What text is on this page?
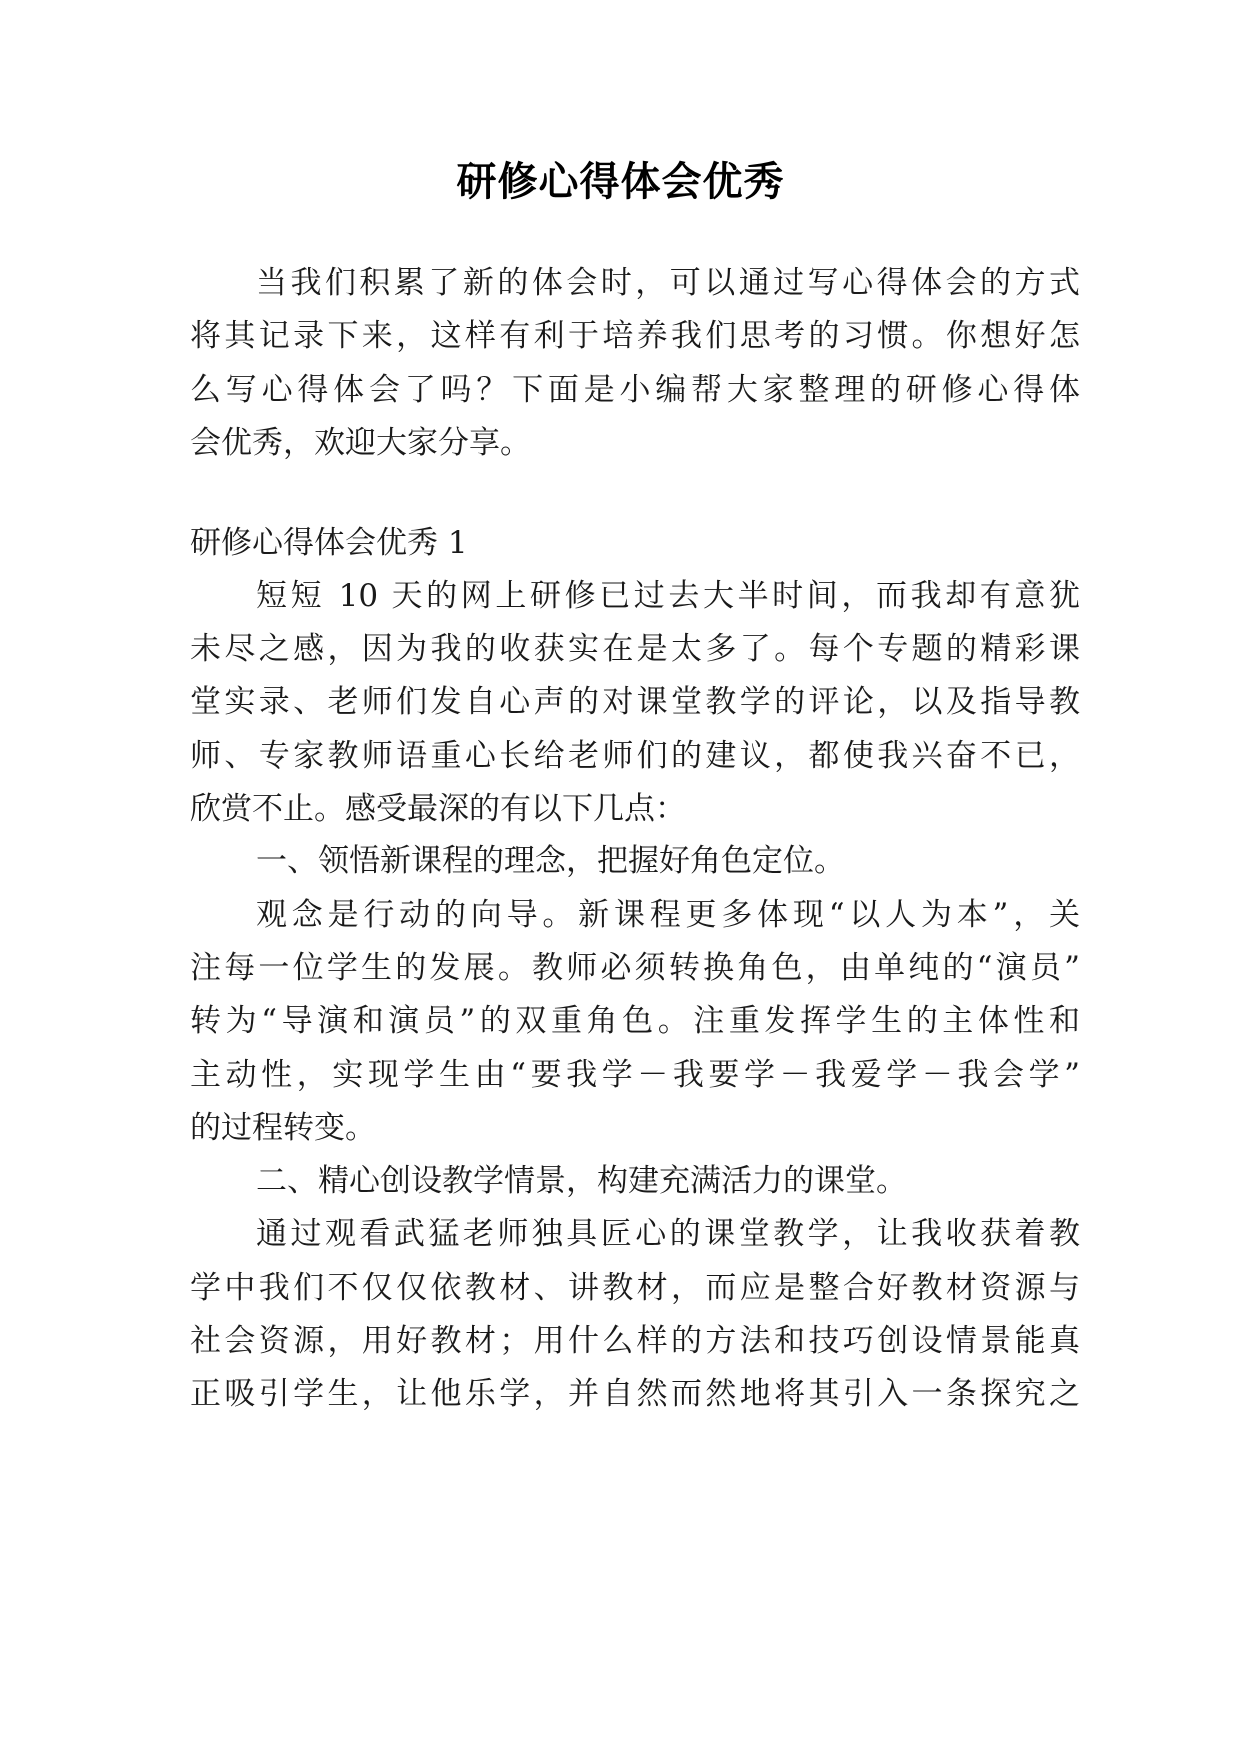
研修心得体会优秀
当我们积累了新的体会时，可以通过写心得体会的方式
将其记录下来，这样有利于培养我们思考的习惯。你想好怎
么写心得体会了吗？下面是小编帮大家整理的研修心得体
会优秀，欢迎大家分享。
研修心得体会优秀 1
短短 10 天的网上研修已过去大半时间，而我却有意犹
未尽之感，因为我的收获实在是太多了。每个专题的精彩课
堂实录、老师们发自心声的对课堂教学的评论，以及指导教
师、专家教师语重心长给老师们的建议，都使我兴奋不已，
欣赏不止。感受最深的有以下几点：
一、领悟新课程的理念，把握好角色定位。
观念是行动的向导。新课程更多体现“以人为本”，关
注每一位学生的发展。教师必须转换角色，由单纯的“演员”
转为“导演和演员”的双重角色。注重发挥学生的主体性和
主动性，实现学生由“要我学－我要学－我爱学－我会学”
的过程转变。
二、精心创设教学情景，构建充满活力的课堂。
通过观看武猛老师独具匠心的课堂教学，让我收获着教
学中我们不仅仅依教材、讲教材，而应是整合好教材资源与
社会资源，用好教材；用什么样的方法和技巧创设情景能真
正吸引学生，让他乐学，并自然而然地将其引入一条探究之
